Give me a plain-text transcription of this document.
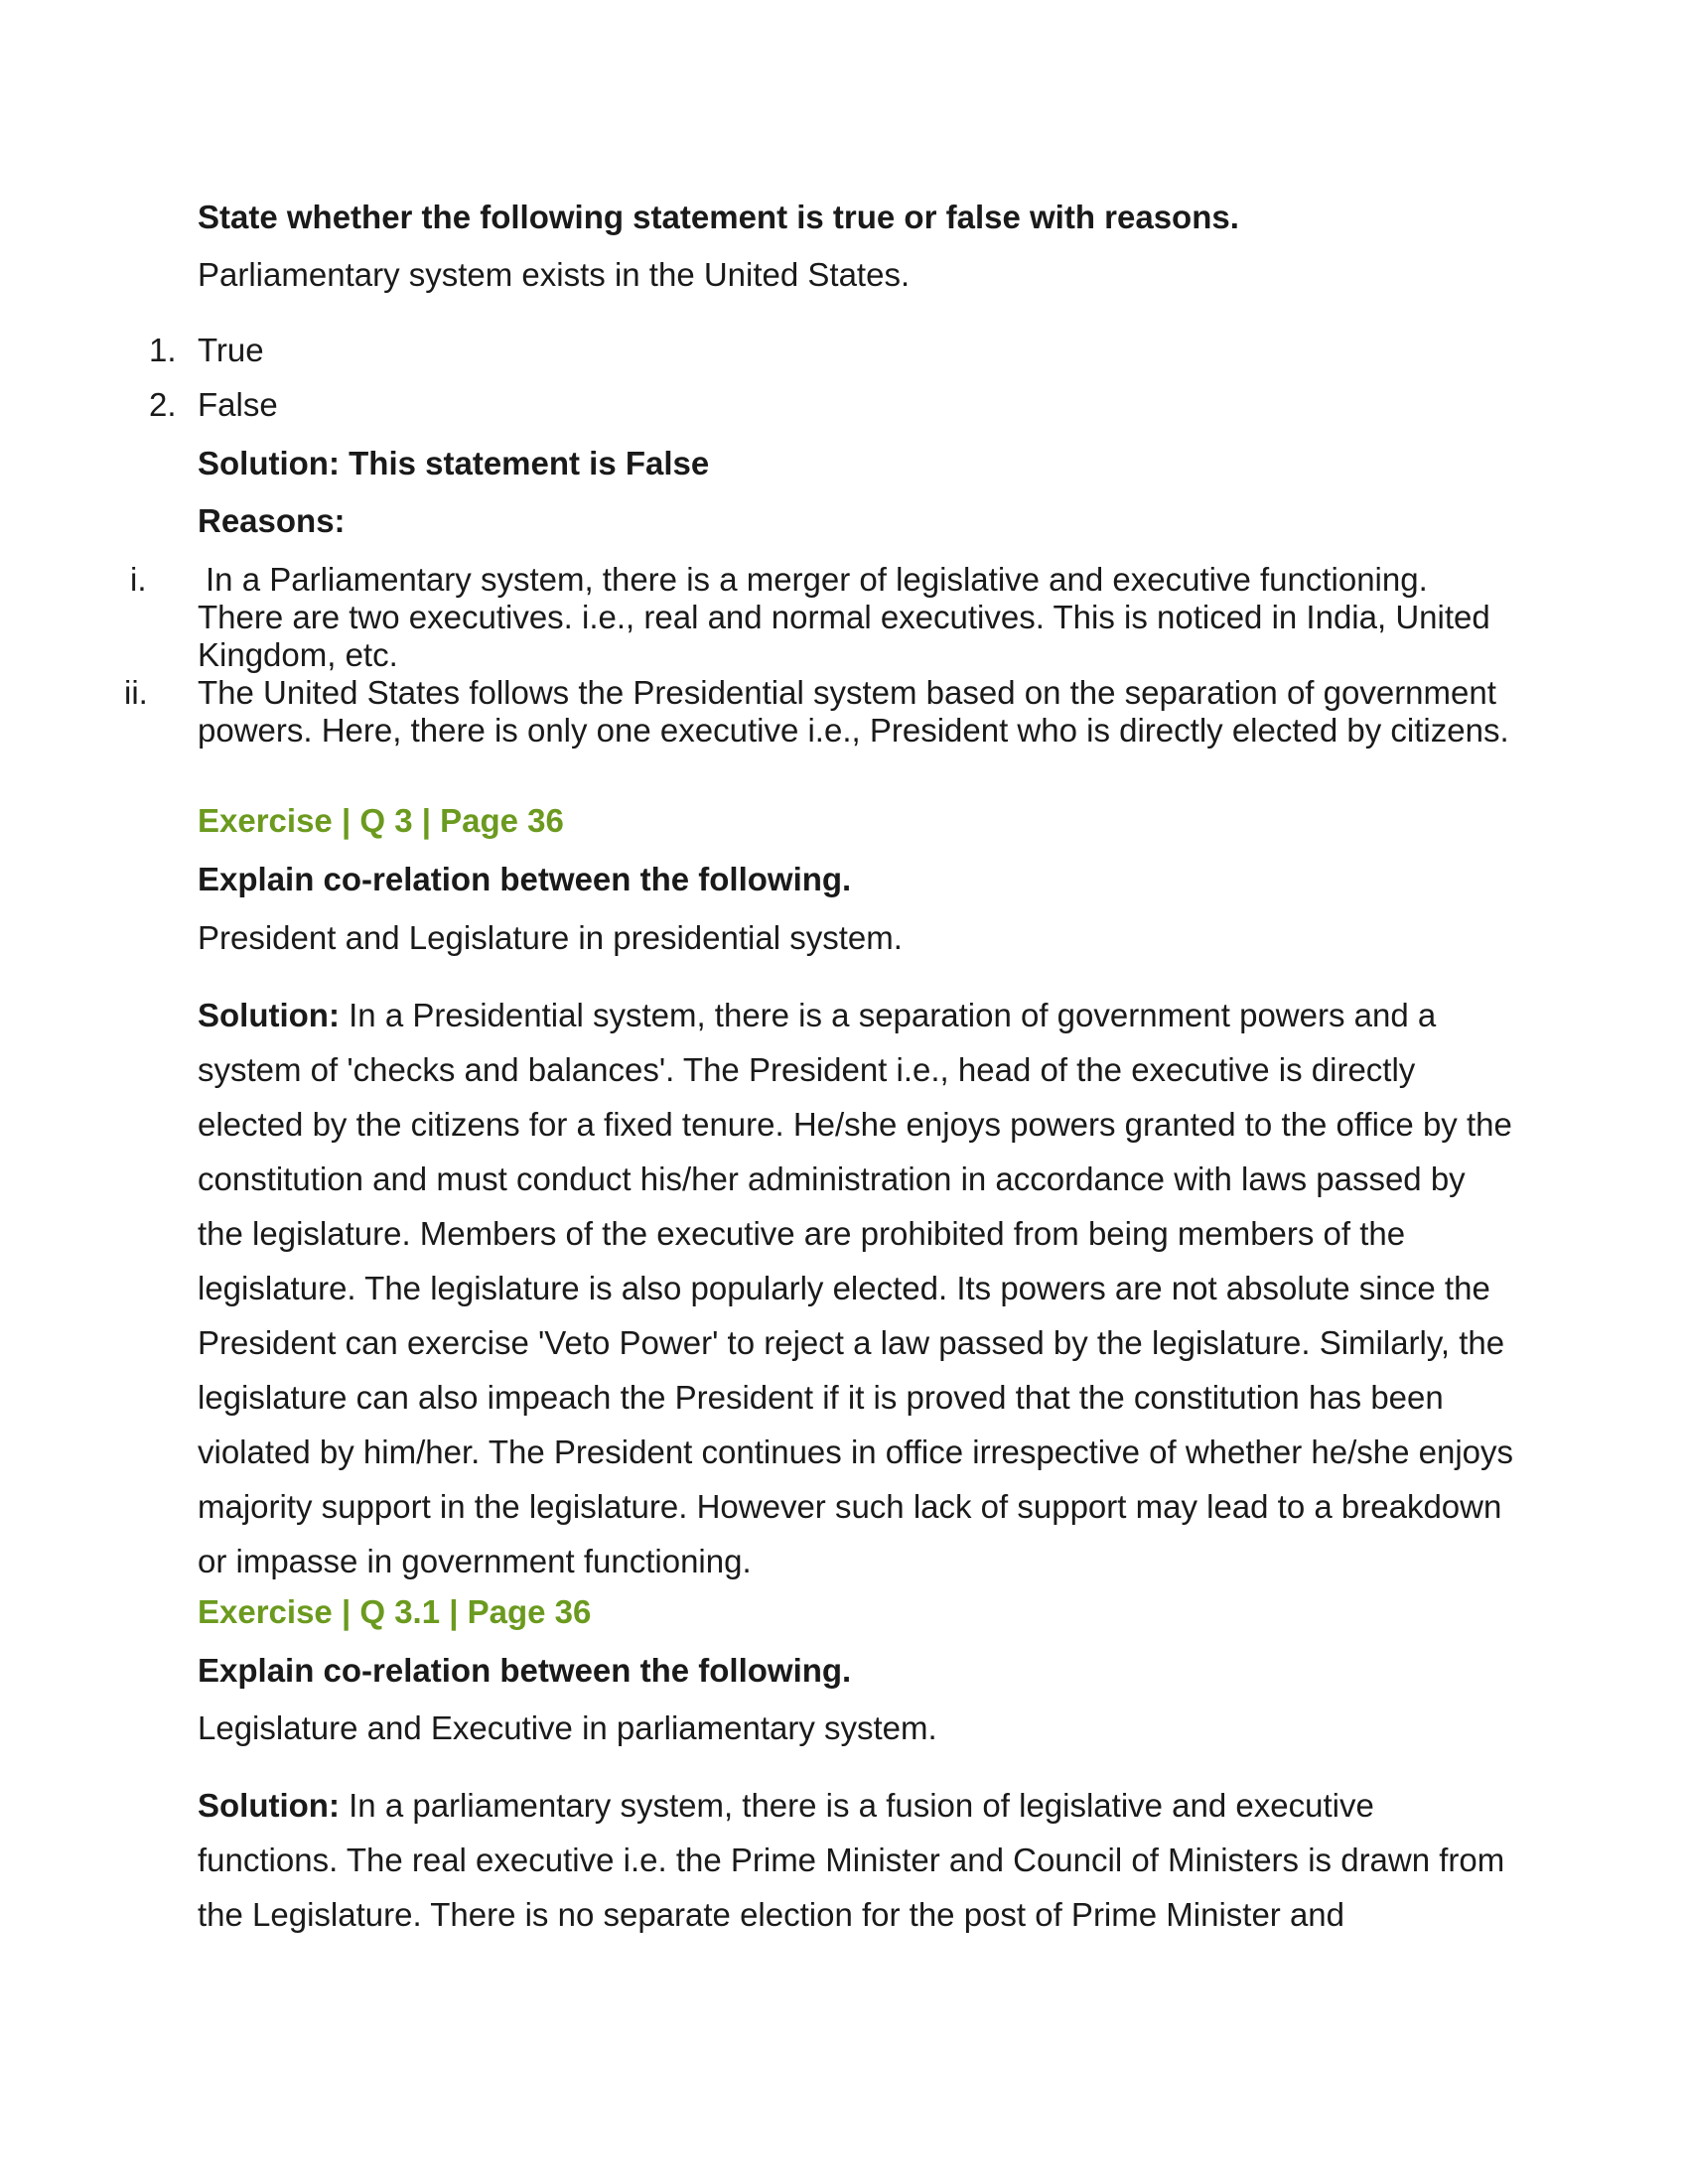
State whether the following statement is true or false with reasons.

Parliamentary system exists in the United States.

1. True
2. False

Solution: This statement is False

Reasons:

i. In a Parliamentary system, there is a merger of legislative and executive functioning. There are two executives. i.e., real and normal executives. This is noticed in India, United Kingdom, etc.

ii. The United States follows the Presidential system based on the separation of government powers. Here, there is only one executive i.e., President who is directly elected by citizens.

Exercise | Q 3 | Page 36

Explain co-relation between the following.

President and Legislature in presidential system.

Solution: In a Presidential system, there is a separation of government powers and a system of 'checks and balances'. The President i.e., head of the executive is directly elected by the citizens for a fixed tenure. He/she enjoys powers granted to the office by the constitution and must conduct his/her administration in accordance with laws passed by the legislature. Members of the executive are prohibited from being members of the legislature. The legislature is also popularly elected. Its powers are not absolute since the President can exercise 'Veto Power' to reject a law passed by the legislature. Similarly, the legislature can also impeach the President if it is proved that the constitution has been violated by him/her. The President continues in office irrespective of whether he/she enjoys majority support in the legislature. However such lack of support may lead to a breakdown or impasse in government functioning.

Exercise | Q 3.1 | Page 36

Explain co-relation between the following.

Legislature and Executive in parliamentary system.

Solution: In a parliamentary system, there is a fusion of legislative and executive functions. The real executive i.e. the Prime Minister and Council of Ministers is drawn from the Legislature. There is no separate election for the post of Prime Minister and
